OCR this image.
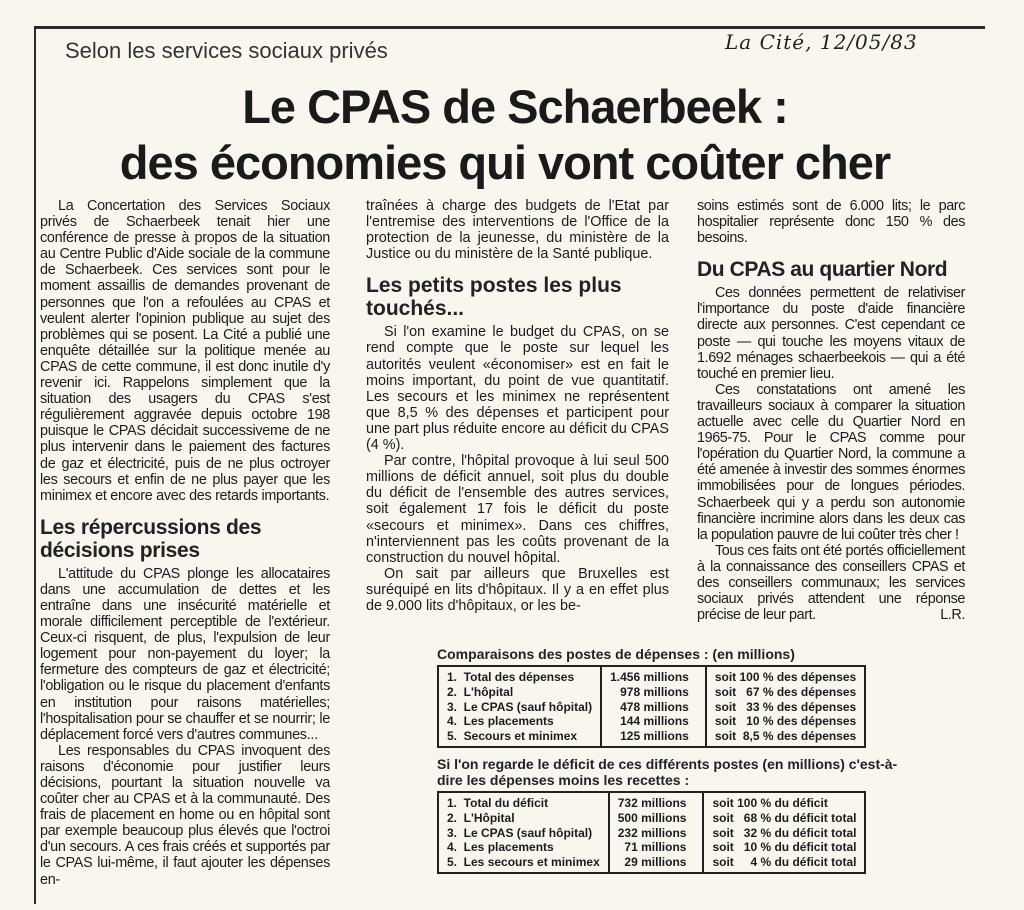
Selon les services sociaux privés	La Cité, 12/05/83
Le CPAS de Schaerbeek :
des économies qui vont coûter cher

La Concertation des Services Sociaux privés de Schaerbeek tenait hier une conférence de presse à propos de la situation au Centre Public d'Aide sociale de la commune de Schaerbeek. Ces services sont pour le moment assaillis de demandes provenant de personnes que l'on a refoulées au CPAS et veulent alerter l'opinion publique au sujet des problèmes qui se posent. La Cité a publié une enquête détaillée sur la politique menée au CPAS de cette commune, il est donc inutile d'y revenir ici. Rappelons simplement que la situation des usagers du CPAS s'est régulièrement aggravée depuis octobre 198 puisque le CPAS décidait successiveme de ne plus intervenir dans le paiement des factures de gaz et électricité, puis de ne plus octroyer les secours et enfin de ne plus payer que les minimex et encore avec des retards importants.

Les répercussions des décisions prises

L'attitude du CPAS plonge les allocataires dans une accumulation de dettes et les entraîne dans une insécurité matérielle et morale difficilement perceptible de l'extérieur. Ceux-ci risquent, de plus, l'expulsion de leur logement pour non-payement du loyer; la fermeture des compteurs de gaz et électricité; l'obligation ou le risque du placement d'enfants en institution pour raisons matérielles; l'hospitalisation pour se chauffer et se nourrir; le déplacement forcé vers d'autres communes...

Les responsables du CPAS invoquent des raisons d'économie pour justifier leurs décisions, pourtant la situation nouvelle va coûter cher au CPAS et à la communauté. Des frais de placement en home ou en hôpital sont par exemple beaucoup plus élevés que l'octroi d'un secours. A ces frais créés et supportés par le CPAS lui-même, il faut ajouter les dépenses en-

traînées à charge des budgets de l'Etat par l'entremise des interventions de l'Office de la protection de la jeunesse, du ministère de la Justice ou du ministère de la Santé publique.

Les petits postes les plus touchés...

Si l'on examine le budget du CPAS, on se rend compte que le poste sur lequel les autorités veulent «économiser» est en fait le moins important, du point de vue quantitatif. Les secours et les minimex ne représentent que 8,5 % des dépenses et participent pour une part plus réduite encore au déficit du CPAS (4 %).

Par contre, l'hôpital provoque à lui seul 500 millions de déficit annuel, soit plus du double du déficit de l'ensemble des autres services, soit également 17 fois le déficit du poste «secours et minimex». Dans ces chiffres, n'interviennent pas les coûts provenant de la construction du nouvel hôpital.

On sait par ailleurs que Bruxelles est suréquipé en lits d'hôpitaux. Il y a en effet plus de 9.000 lits d'hôpitaux, or les be-

soins estimés sont de 6.000 lits; le parc hospitalier représente donc 150 % des besoins.

Du CPAS au quartier Nord

Ces données permettent de relativiser l'importance du poste d'aide financière directe aux personnes. C'est cependant ce poste — qui touche les moyens vitaux de 1.692 ménages schaerbeekois — qui a été touché en premier lieu.

Ces constatations ont amené les travailleurs sociaux à comparer la situation actuelle avec celle du Quartier Nord en 1965-75. Pour le CPAS comme pour l'opération du Quartier Nord, la commune a été amenée à investir des sommes énormes immobilisées pour de longues périodes. Schaerbeek qui y a perdu son autonomie financière incrimine alors dans les deux cas la population pauvre de lui coûter très cher !

Tous ces faits ont été portés officiellement à la connaissance des conseillers CPAS et des conseillers communaux; les services sociaux privés attendent une réponse précise de leur part.	L.R.

Comparaisons des postes de dépenses : (en millions)
1.  Total des dépenses	1.456 millions	soit 100 % des dépenses
2.  L'hôpital	978 millions	soit   67 % des dépenses
3.  Le CPAS (sauf hôpital)	478 millions	soit   33 % des dépenses
4.  Les placements	144 millions	soit   10 % des dépenses
5.  Secours et minimex	125 millions	soit  8,5 % des dépenses
Si l'on regarde le déficit de ces différents postes (en millions) c'est-à-dire les dépenses moins les recettes :
1.  Total du déficit	732 millions	soit 100 % du déficit
2.  L'Hôpital	500 millions	soit   68 % du déficit total
3.  Le CPAS (sauf hôpital)	232 millions	soit   32 % du déficit total
4.  Les placements	71 millions	soit   10 % du déficit total
5.  Les secours et minimex	29 millions	soit     4 % du déficit total
